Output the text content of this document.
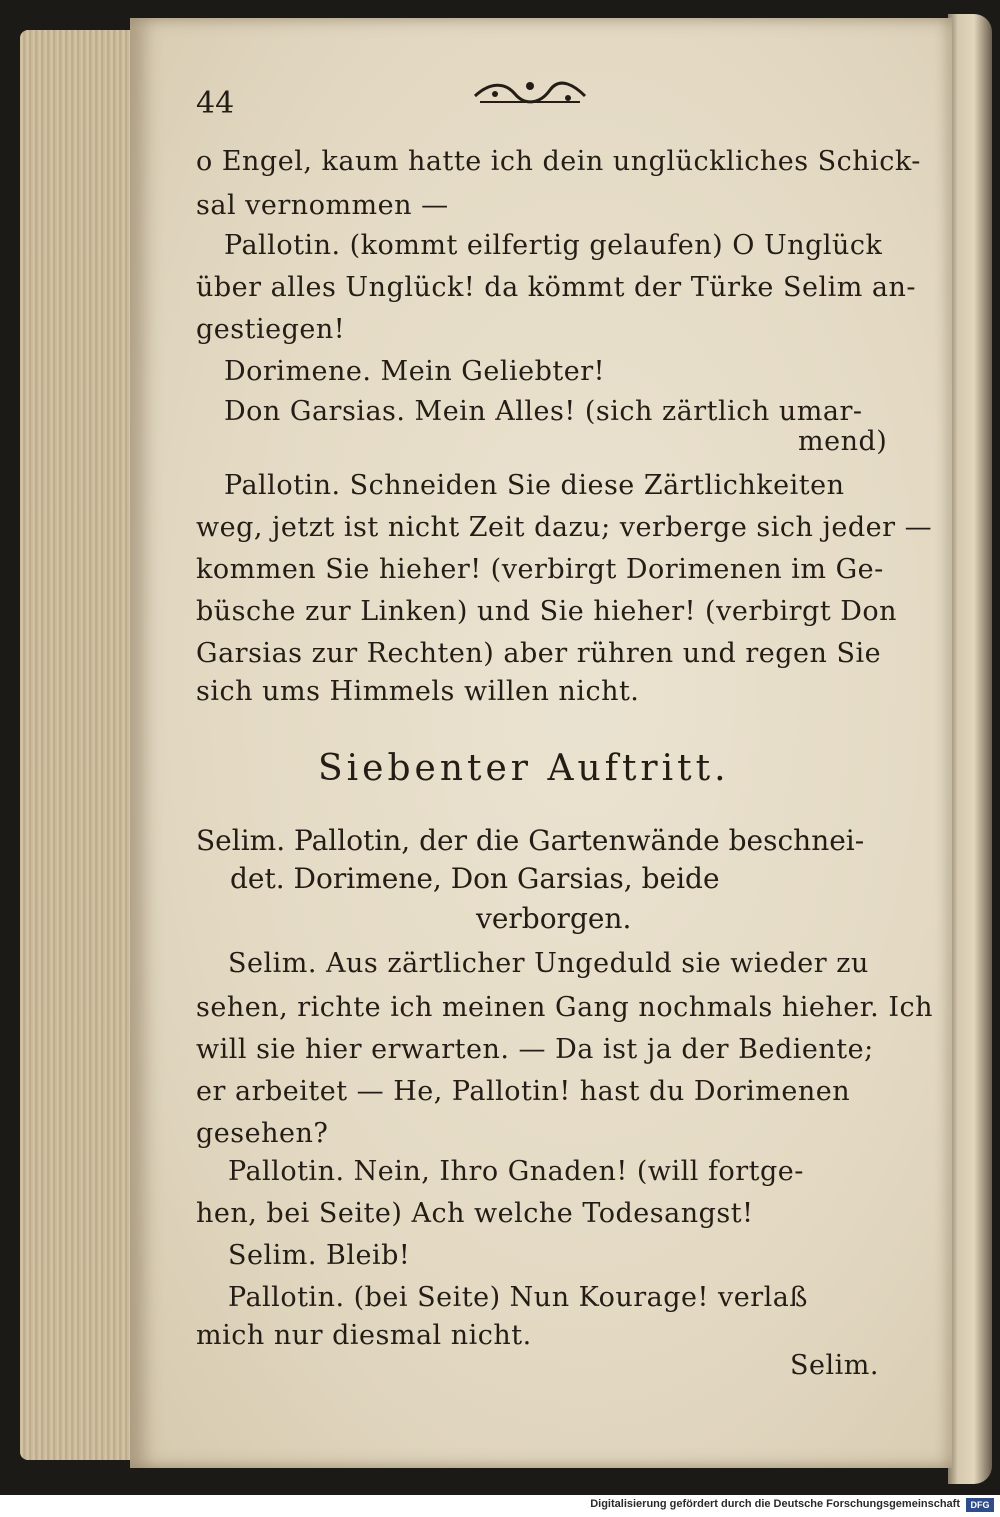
44
o Engel, kaum hatte ich dein unglückliches Schick-
sal vernommen —
Pallotin. (kommt eilfertig gelaufen) O Unglück
über alles Unglück! da kömmt der Türke Selim an-
gestiegen!
Dorimene. Mein Geliebter!
Don Garsias. Mein Alles! (sich zärtlich umar-
mend)
Pallotin. Schneiden Sie diese Zärtlichkeiten
weg, jetzt ist nicht Zeit dazu; verberge sich jeder —
kommen Sie hieher! (verbirgt Dorimenen im Ge-
büsche zur Linken) und Sie hieher! (verbirgt Don
Garsias zur Rechten) aber rühren und regen Sie
sich ums Himmels willen nicht.
Siebenter Auftritt.
Selim. Pallotin, der die Gartenwände beschnei-
det. Dorimene, Don Garsias, beide
verborgen.
Selim. Aus zärtlicher Ungeduld sie wieder zu
sehen, richte ich meinen Gang nochmals hieher. Ich
will sie hier erwarten. — Da ist ja der Bediente;
er arbeitet — He, Pallotin! hast du Dorimenen
gesehen?
Pallotin. Nein, Ihro Gnaden! (will fortge-
hen, bei Seite) Ach welche Todesangst!
Selim. Bleib!
Pallotin. (bei Seite) Nun Kourage! verlaß
mich nur diesmal nicht.
Selim.
Digitalisierung gefördert durch die Deutsche Forschungsgemeinschaft	DFG
